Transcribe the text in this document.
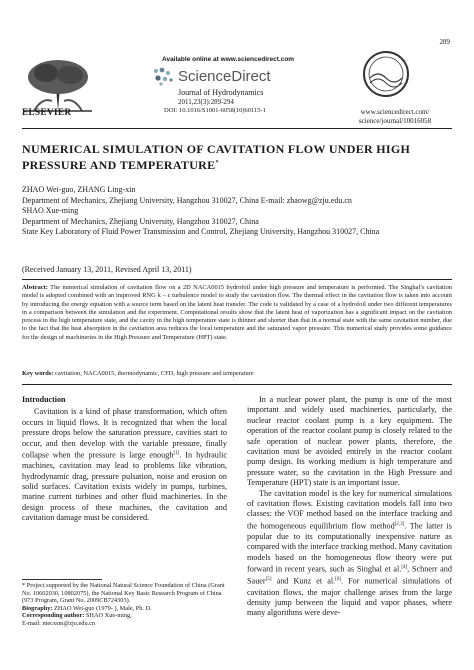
289
ELSEVIER
Available online at www.sciencedirect.com
ScienceDirect
Journal of Hydrodynamics
2011,23(3):289-294
DOI: 10.1016/S1001-6058(10)60115-1	www.sciencedirect.com/
science/journal/10016058
NUMERICAL SIMULATION OF CAVITATION FLOW UNDER HIGH
PRESSURE AND TEMPERATURE*
ZHAO Wei-guo, ZHANG Ling-xin
Department of Mechanics, Zhejiang University, Hangzhou 310027, China E-mail: zhaowg@zju.edu.cn
SHAO Xue-ming
Department of Mechanics, Zhejiang University, Hangzhou 310027, China
State Key Laboratory of Fluid Power Transmission and Control, Zhejiang University, Hangzhou 310027, China
(Received January 13, 2011, Revised April 13, 2011)
Abstract: The numerical simulation of cavitation flow on a 2D NACA0015 hydrofoil under high pressure and temperature is performed. The Singhal’s cavitation model is adopted combined with an improved RNG k – ε turbulence model to study the cavitation flow. The thermal effect in the cavitation flow is taken into account by introducing the energy equation with a source term based on the latent heat transfer. The code is validated by a case of a hydrofoil under two different temperatures in a comparison between the simulation and the experiment. Computational results show that the latent heat of vaporization has a significant impact on the cavitation process in the high temperature state, and the cavity in the high temperature state is thinner and shorter than that in a normal state with the same cavitation number, due to the fact that the heat absorption in the cavitation area reduces the local temperature and the saturated vapor pressure. This numerical study provides some guidance for the design of machineries in the High Pressure and Temperature (HPT) state.
Key words: cavitation, NACA0015, thermodynamic, CFD, high pressure and temperature
Introduction

Cavitation is a kind of phase transformation, which often occurs in liquid flows. It is recognized that when the local pressure drops below the saturation pressure, cavities start to occur, and then develop with the variable pressure, finally collapse when the pressure is large enough[1]. In hydraulic machines, cavitation may lead to problems like vibration, hydrodynamic drag, pressure pulsation, noise and erosion on solid surfaces. Cavitation exists widely in pumps, turbines, marine current turbines and other fluid machineries. In the design process of these machines, the cavitation and cavitation damage must be considered.

In a nuclear power plant, the pump is one of the most important and widely used machineries, particularly, the nuclear reactor coolant pump is a key equipment. The operation of the reactor coolant pump is closely related to the safe operation of nuclear power plants, therefore, the cavitation must be avoided entirely in the reactor coolant pump design. Its working medium is high temperature and pressure water, so the cavitation in the High Pressure and Temperature (HPT) state is an important issue.

The cavitation model is the key for numerical simulations of cavitation flows. Existing cavitation models fall into two classes: the VOF method based on the interface tracking and the homogeneous equilibrium flow method[2,3]. The latter is popular due to its computationally inexpensive nature as compared with the interface tracking method. Many cavitation models based on the homogeneous flow theory were put forward in recent years, such as Singhal et al.[4], Schnerr and Sauer[5] and Kunz et al.[6]. For numerical simulations of cavitation flows, the major challenge arises from the large density jump between the liquid and vapor phases, where many algorithms were deve-

* Project supported by the National Natural Science Foundation of China (Grant No. 10602030, 10802075), the National Key Basic Research Program of China (973 Program, Grant No. 2009CB724303).
Biography: ZHAO Wei-guo (1979- ), Male, Ph. D.
Corresponding author: SHAO Xue-ming,
E-mail: mecxsm@zju.edu.cn
